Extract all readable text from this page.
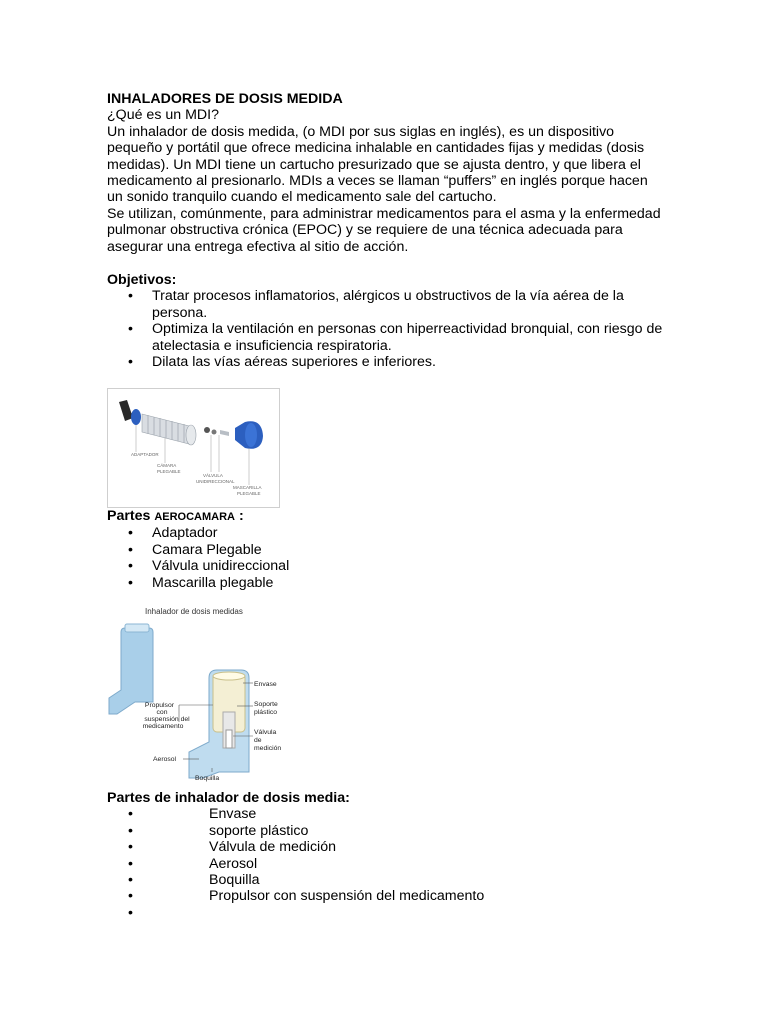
INHALADORES DE DOSIS MEDIDA

¿Qué es un MDI?

Un inhalador de dosis medida, (o MDI por sus siglas en inglés), es un dispositivo pequeño y portátil que ofrece medicina inhalable en cantidades fijas y medidas (dosis medidas). Un MDI tiene un cartucho presurizado que se ajusta dentro, y que libera el medicamento al presionarlo. MDIs a veces se llaman “puffers” en inglés porque hacen un sonido tranquilo cuando el medicamento sale del cartucho.

Se utilizan, comúnmente, para administrar medicamentos para el asma y la enfermedad pulmonar obstructiva crónica (EPOC) y se requiere de una técnica adecuada para asegurar una entrega efectiva al sitio de acción.

Objetivos:
• Tratar procesos inflamatorios, alérgicos u obstructivos de la vía aérea de la persona.
• Optimiza la ventilación en personas con hiperreactividad bronquial, con riesgo de atelectasia e insuficiencia respiratoria.
• Dilata las vías aéreas superiores e inferiores.
ADAPTADOR
CÁMARA
PLEGABLE
VÁLVULA
UNIDIRECCIONAL
MASCARILLA
PLEGABLE
Partes AEROCAMARA :
• Adaptador
• Camara Plegable
• Válvula unidireccional
• Mascarilla plegable
Inhalador de dosis medidas
Envase
Soporte
plástico
Propulsor
con
suspensión del
medicamento
Válvula
de
medición
Aerosol
Boquilla
Partes de inhalador de dosis media:
• Envase
• soporte plástico
• Válvula de medición
• Aerosol
• Boquilla
• Propulsor con suspensión del medicamento
•
